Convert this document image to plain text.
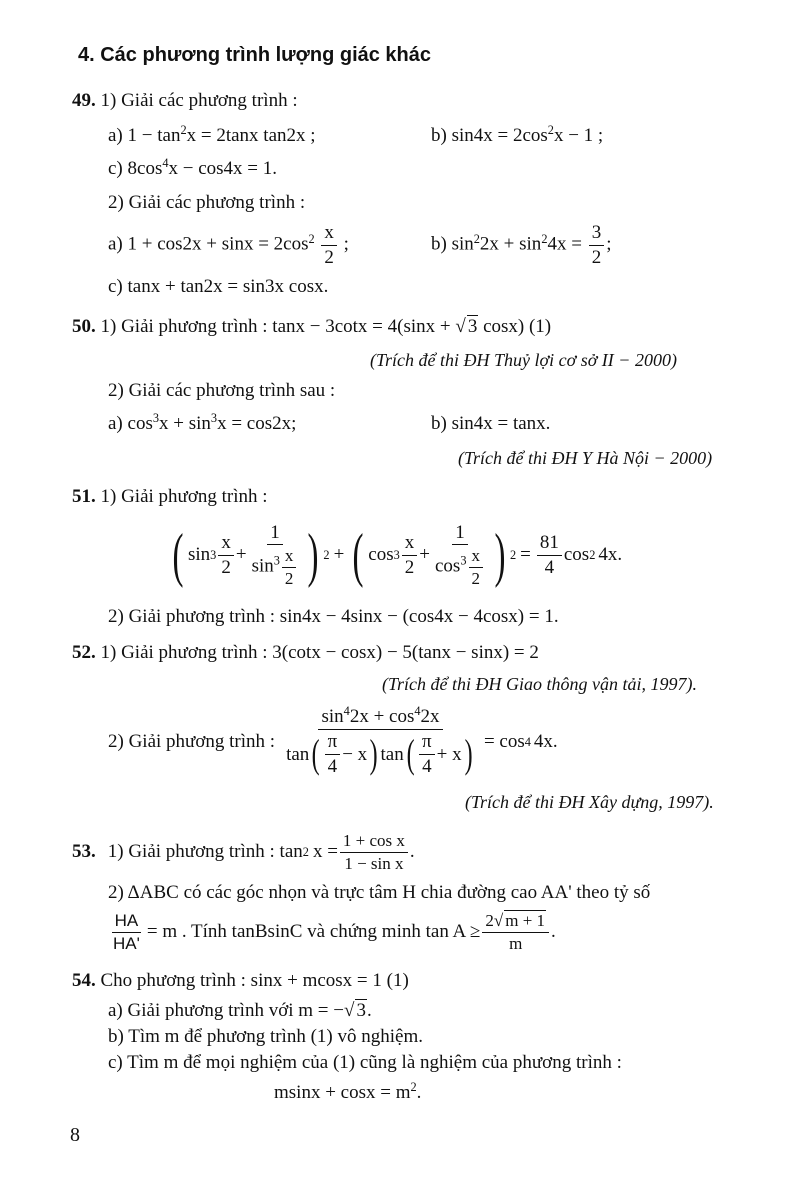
4. Các phương trình lượng giác khác
49. 1) Giải các phương trình :
a) $1 - \tan^2x = 2\tan x$ tan2x ;	b) $\sin 4x = 2\cos^2x - 1$ ;
c) $8\cos^4x - \cos 4x = 1$.
2) Giải các phương trình :
a) $1 + \cos 2x + \sin x = 2\cos^2 \frac{x}{2}$ ;	b) $\sin^22x + \sin^24x = \frac{3}{2}$ ;
c) tanx + tan2x = sin3x cosx.
50. 1) Giải phương trình : tanx − 3cotx = 4(sinx + √ 3 cosx) (1)
(Trích để thi ĐH Thuỷ lợi cơ sở II − 2000)
2) Giải các phương trình sau :
a) $\cos^3x + \sin^3x = \cos 2x$;	b) sin4x = tanx.
(Trích để thi ĐH Y Hà Nội − 2000)
51. 1) Giải phương trình :
( $\sin 3 \frac{x}{2} + \frac{1}{\sin^3 \frac{x}{2}}$ ) 2 + ( $\cos 3 \frac{x}{2} + \frac{1}{\cos^3 \frac{x}{2}}$ ) $2 = \frac{81}{4}$ cos 2 4x.
2) Giải phương trình : sin4x − 4sinx − (cos4x − 4cosx) = 1.
52. 1) Giải phương trình : 3(cotx − cosx) − 5(tanx − sinx) = 2
(Trích để thi ĐH Giao thông vận tải, 1997).
2) Giải phương trình : $\frac{\sin^42x + \cos^42x}{\tan ( \frac{\pi}{4} - x ) \tan ( \frac{\pi}{4} + x )} = \cos 4$ 4x.
(Trích để thi ĐH Xây dựng, 1997).
53. 1) Giải phương trình : tan 2 $x = \frac{\text{1 + cos x}}{\text{1 − sin x}}$ .
2) ΔABC có các góc nhọn và trực tâm H chia đường cao AA' theo tỷ số
$\frac{HA}{HA'} = m$ . Tính tanBsinC và chứng minh $\tan A \ge \frac{2√ m + 1}{m}$ .
54. Cho phương trình : sinx + mcosx = 1 (1)
a) Giải phương trình với m = −√ 3.
b) Tìm m để phương trình (1) vô nghiệm.
c) Tìm m để mọi nghiệm của (1) cũng là nghiệm của phương trình :
$msinx + \cos x = m^2$.
8
